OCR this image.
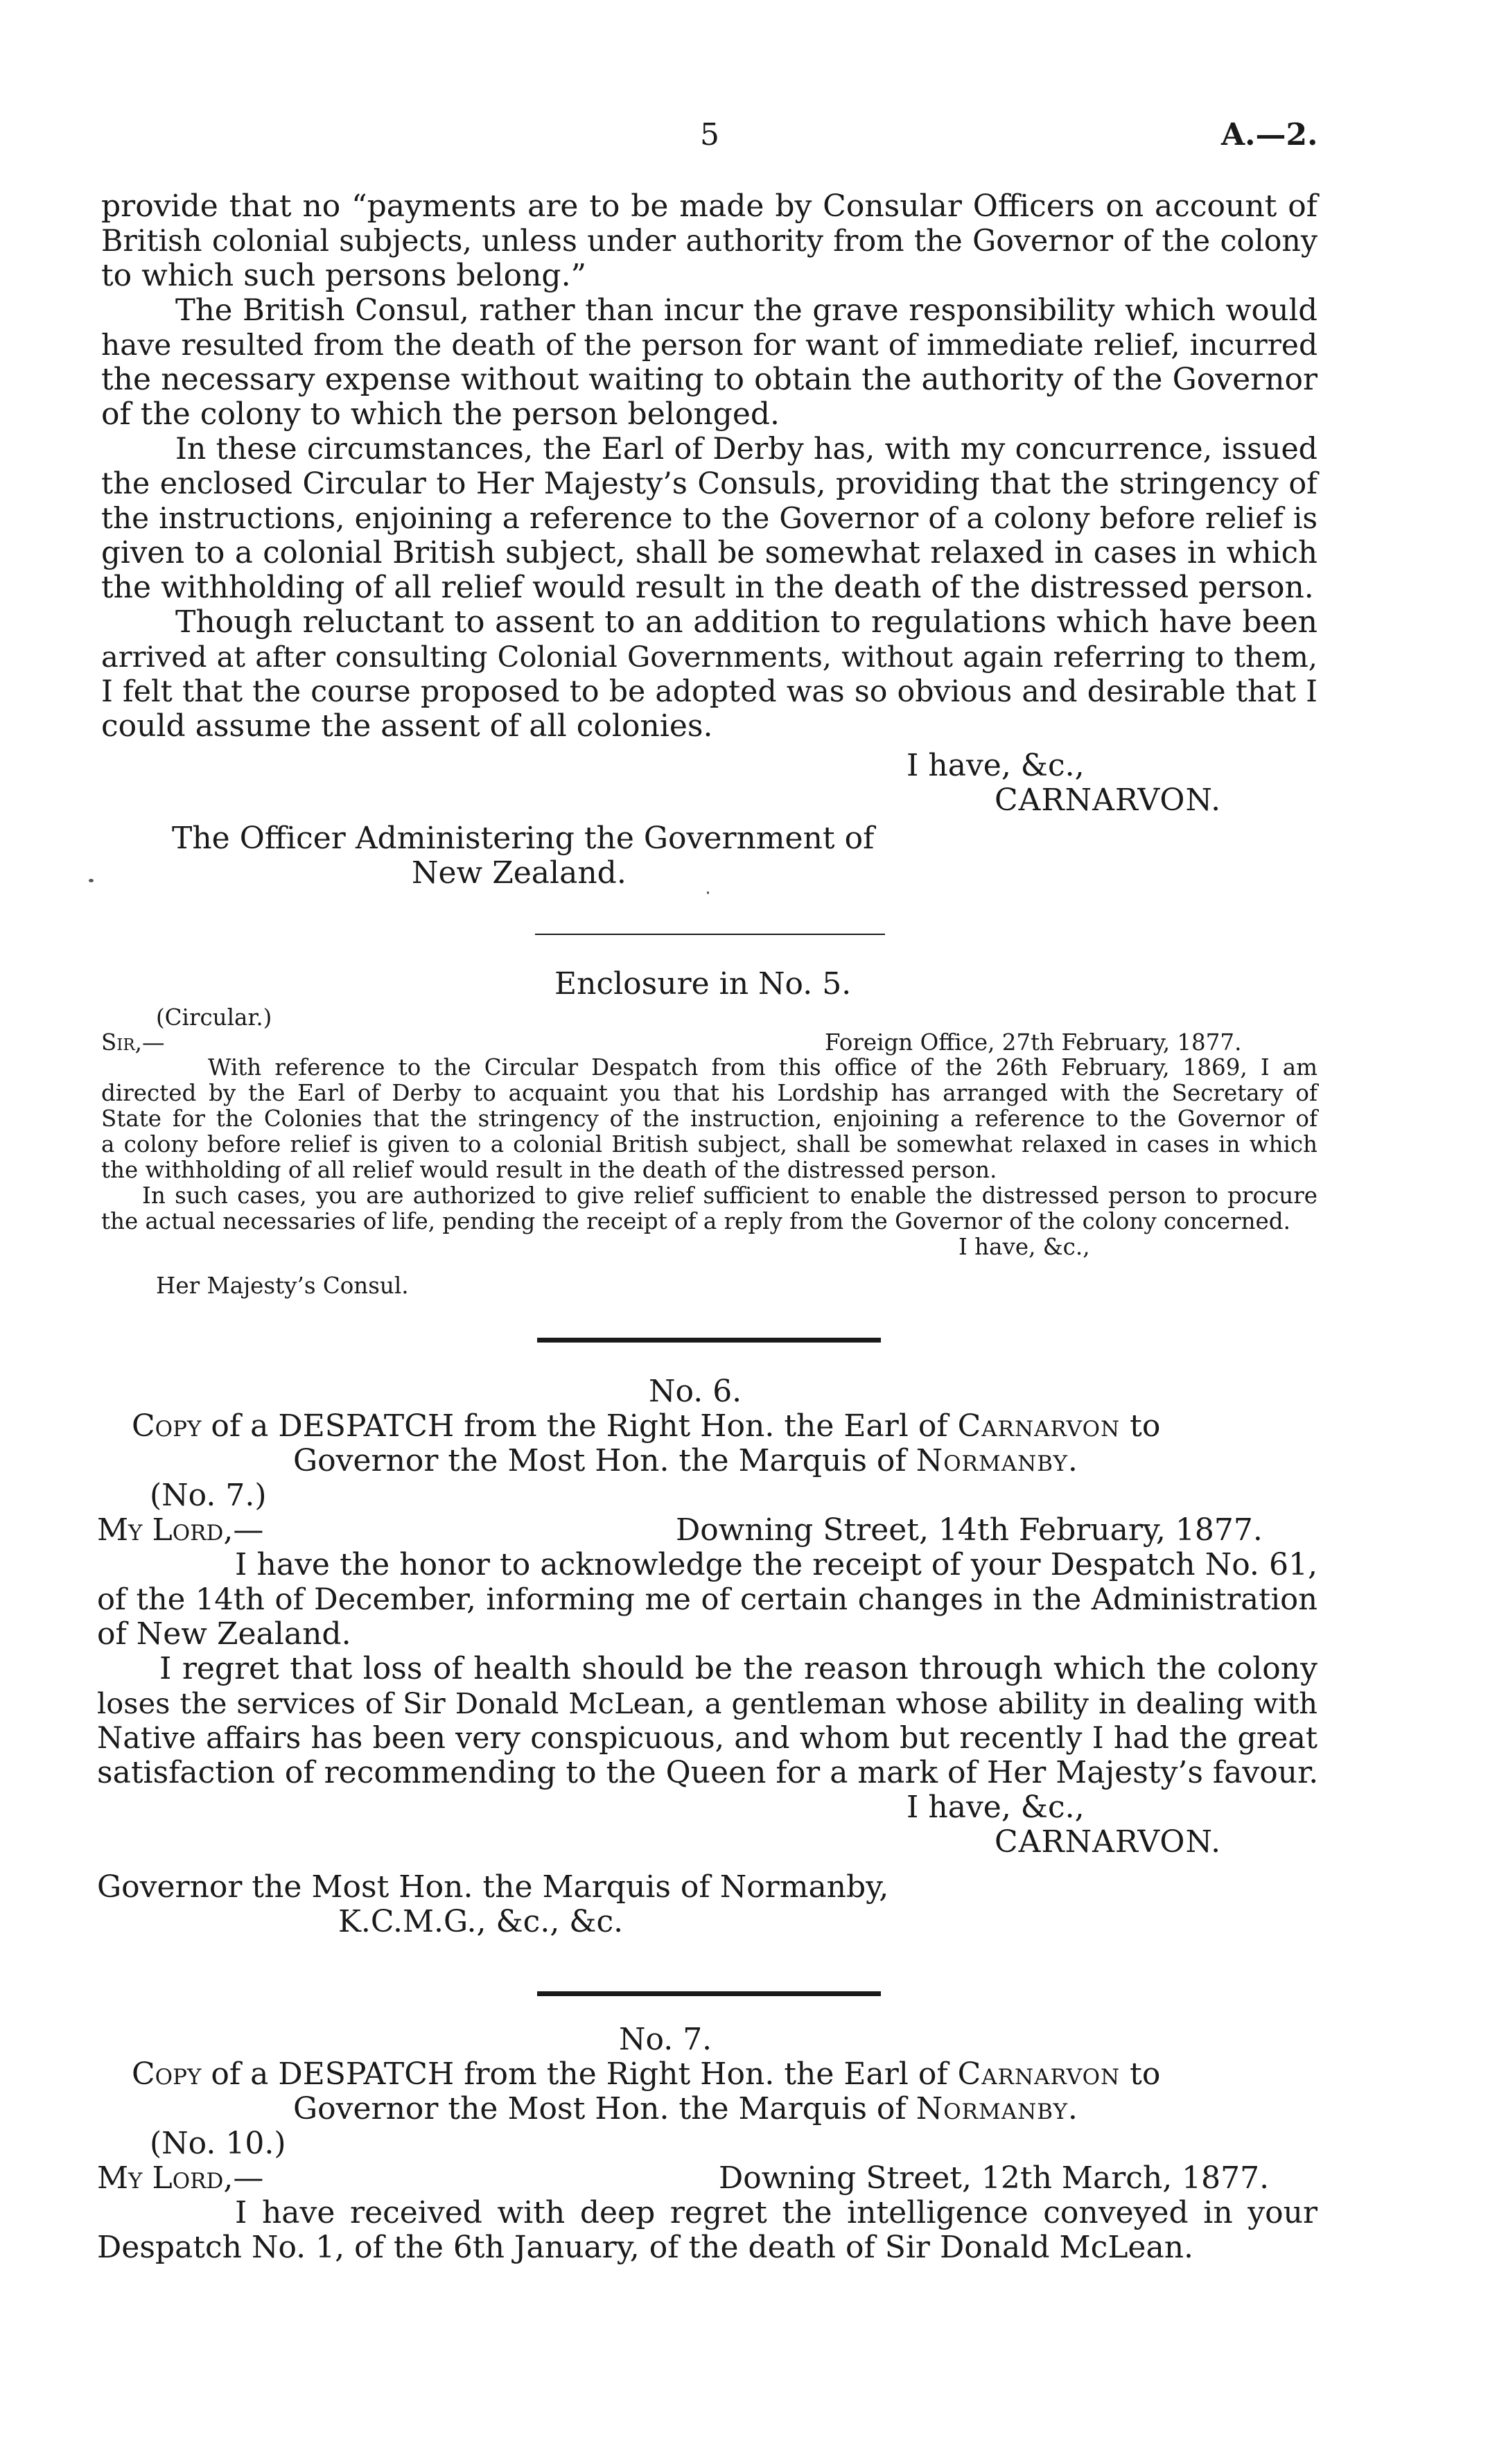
5	A.—2.
provide that no “payments are to be made by Consular Officers on account of
British colonial subjects, unless under authority from the Governor of the colony
to which such persons belong.”
The British Consul, rather than incur the grave responsibility which would
have resulted from the death of the person for want of immediate relief, incurred
the necessary expense without waiting to obtain the authority of the Governor
of the colony to which the person belonged.
In these circumstances, the Earl of Derby has, with my concurrence, issued
the enclosed Circular to Her Majesty’s Consuls, providing that the stringency of
the instructions, enjoining a reference to the Governor of a colony before relief is
given to a colonial British subject, shall be somewhat relaxed in cases in which
the withholding of all relief would result in the death of the distressed person.
Though reluctant to assent to an addition to regulations which have been
arrived at after consulting Colonial Governments, without again referring to them,
I felt that the course proposed to be adopted was so obvious and desirable that I
could assume the assent of all colonies.
I have, &c.,
CARNARVON.
The Officer Administering the Government of
New Zealand.
Enclosure in No. 5.
(Circular.)
Sir,—	Foreign Office, 27th February, 1877.
With reference to the Circular Despatch from this office of the 26th February, 1869, I am
directed by the Earl of Derby to acquaint you that his Lordship has arranged with the Secretary of
State for the Colonies that the stringency of the instruction, enjoining a reference to the Governor of
a colony before relief is given to a colonial British subject, shall be somewhat relaxed in cases in which
the withholding of all relief would result in the death of the distressed person.
In such cases, you are authorized to give relief sufficient to enable the distressed person to procure
the actual necessaries of life, pending the receipt of a reply from the Governor of the colony concerned.
I have, &c.,
Her Majesty’s Consul.
No. 6.
Copy of a DESPATCH from the Right Hon. the Earl of Carnarvon to
Governor the Most Hon. the Marquis of Normanby.
(No. 7.)
My Lord,—	Downing Street, 14th February, 1877.
I have the honor to acknowledge the receipt of your Despatch No. 61,
of the 14th of December, informing me of certain changes in the Administration
of New Zealand.
I regret that loss of health should be the reason through which the colony
loses the services of Sir Donald McLean, a gentleman whose ability in dealing with
Native affairs has been very conspicuous, and whom but recently I had the great
satisfaction of recommending to the Queen for a mark of Her Majesty’s favour.
I have, &c.,
CARNARVON.
Governor the Most Hon. the Marquis of Normanby,
K.C.M.G., &c., &c.
No. 7.
Copy of a DESPATCH from the Right Hon. the Earl of Carnarvon to
Governor the Most Hon. the Marquis of Normanby.
(No. 10.)
My Lord,—	Downing Street, 12th March, 1877.
I have received with deep regret the intelligence conveyed in your
Despatch No. 1, of the 6th January, of the death of Sir Donald McLean.
